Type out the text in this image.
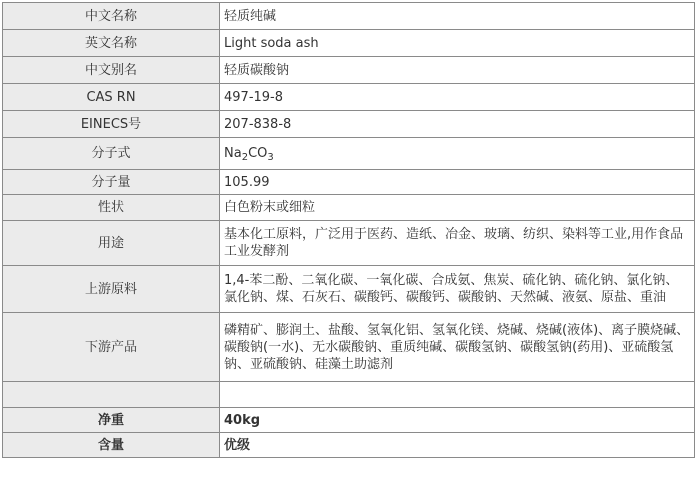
中文名称	轻质纯碱
英文名称	Light soda ash
中文别名	轻质碳酸钠
CAS RN	497-19-8
EINECS号	207-838-8
分子式	$Na_2CO_3$
分子量	105.99
性状	白色粉末或细粒
用途	基本化工原料，广泛用于医药、造纸、冶金、玻璃、纺织、染料等工业,用作食品工业发酵剂
上游原料	1,4-苯二酚、二氧化碳、一氧化碳、合成氨、焦炭、硫化钠、硫化钠、氯化钠、氯化钠、煤、石灰石、碳酸钙、碳酸钙、碳酸钠、天然碱、液氨、原盐、重油
下游产品	磷精矿、膨润土、盐酸、氢氧化铝、氢氧化镁、烧碱、烧碱(液体)、离子膜烧碱、碳酸钠(一水)、无水碳酸钠、重质纯碱、碳酸氢钠、碳酸氢钠(药用)、亚硫酸氢钠、亚硫酸钠、硅藻土助滤剂

净重	40kg
含量	优级
